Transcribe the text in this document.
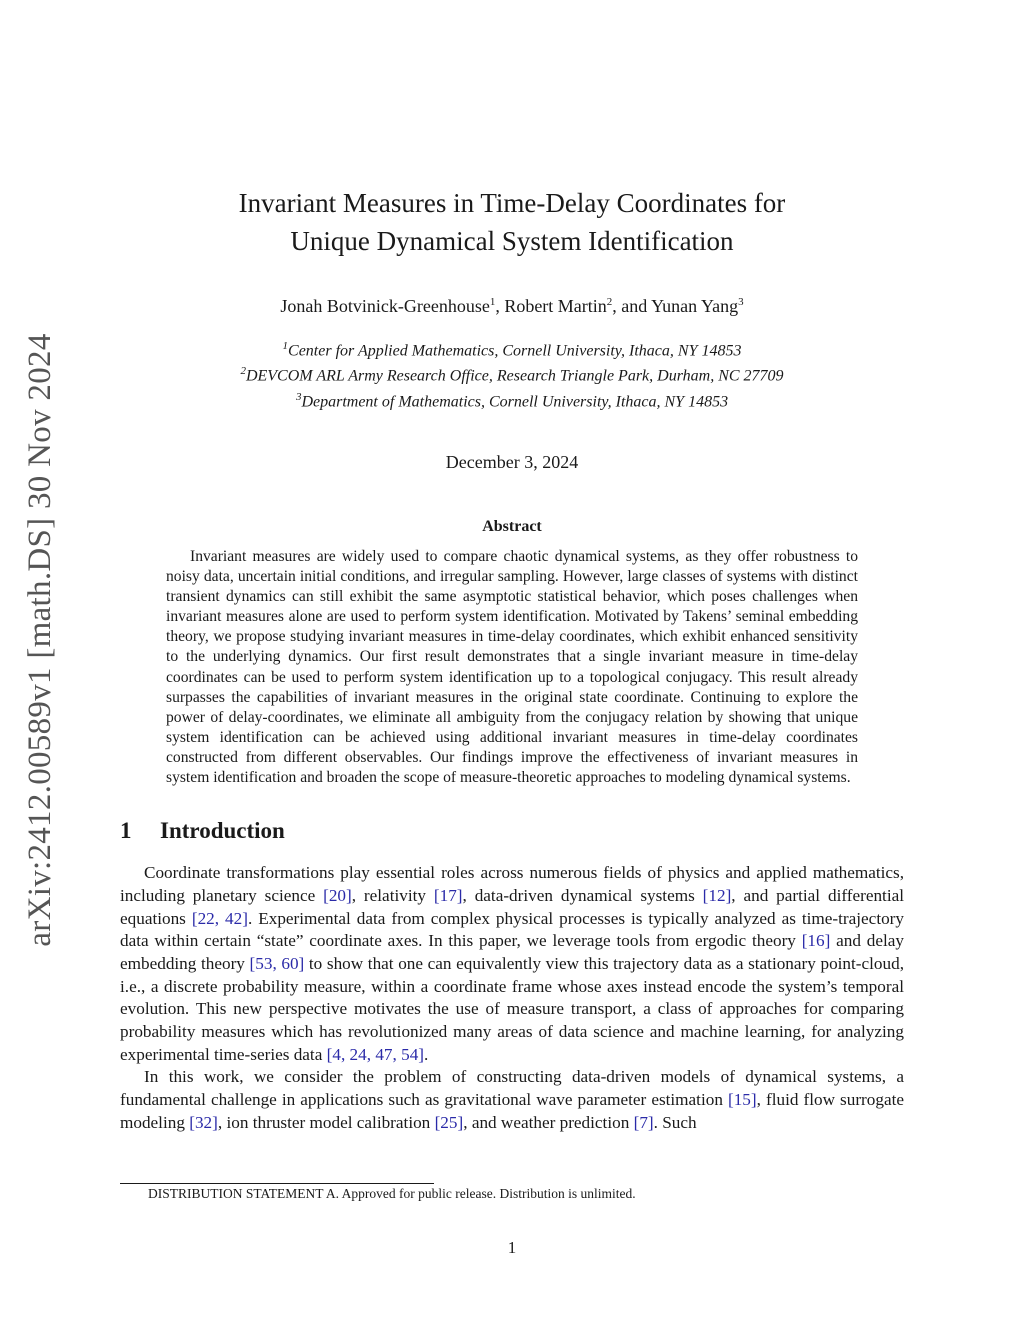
arXiv:2412.00589v1 [math.DS] 30 Nov 2024
Invariant Measures in Time-Delay Coordinates for
Unique Dynamical System Identification
Jonah Botvinick-Greenhouse$^1$, Robert Martin$^2$, and Yunan Yang$^3$
$^1$Center for Applied Mathematics, Cornell University, Ithaca, NY 14853
$^2$DEVCOM ARL Army Research Office, Research Triangle Park, Durham, NC 27709
$^3$Department of Mathematics, Cornell University, Ithaca, NY 14853
December 3, 2024
Abstract
Invariant measures are widely used to compare chaotic dynamical systems, as they offer robustness to noisy data, uncertain initial conditions, and irregular sampling. However, large classes of systems with distinct transient dynamics can still exhibit the same asymptotic statistical behavior, which poses challenges when invariant measures alone are used to perform system identification. Motivated by Takens’ seminal embedding theory, we propose studying invariant measures in time-delay coordinates, which exhibit enhanced sensitivity to the underlying dynamics. Our first result demonstrates that a single invariant measure in time-delay coordinates can be used to perform system identification up to a topological conjugacy. This result already surpasses the capabilities of invariant measures in the original state coordinate. Continuing to explore the power of delay-coordinates, we eliminate all ambiguity from the conjugacy relation by showing that unique system identification can be achieved using additional invariant measures in time-delay coordinates constructed from different observables. Our findings improve the effectiveness of invariant measures in system identification and broaden the scope of measure-theoretic approaches to modeling dynamical systems.
1	Introduction

Coordinate transformations play essential roles across numerous fields of physics and applied mathematics, including planetary science [20], relativity [17], data-driven dynamical systems [12], and partial differential equations [22, 42]. Experimental data from complex physical processes is typically analyzed as time-trajectory data within certain “state” coordinate axes. In this paper, we leverage tools from ergodic theory [16] and delay embedding theory [53, 60] to show that one can equivalently view this trajectory data as a stationary point-cloud, i.e., a discrete probability measure, within a coordinate frame whose axes instead encode the system’s temporal evolution. This new perspective motivates the use of measure transport, a class of approaches for comparing probability measures which has revolutionized many areas of data science and machine learning, for analyzing experimental time-series data [4, 24, 47, 54].

In this work, we consider the problem of constructing data-driven models of dynamical systems, a fundamental challenge in applications such as gravitational wave parameter estimation [15], fluid flow surrogate modeling [32], ion thruster model calibration [25], and weather prediction [7]. Such

DISTRIBUTION STATEMENT A. Approved for public release. Distribution is unlimited.
1
